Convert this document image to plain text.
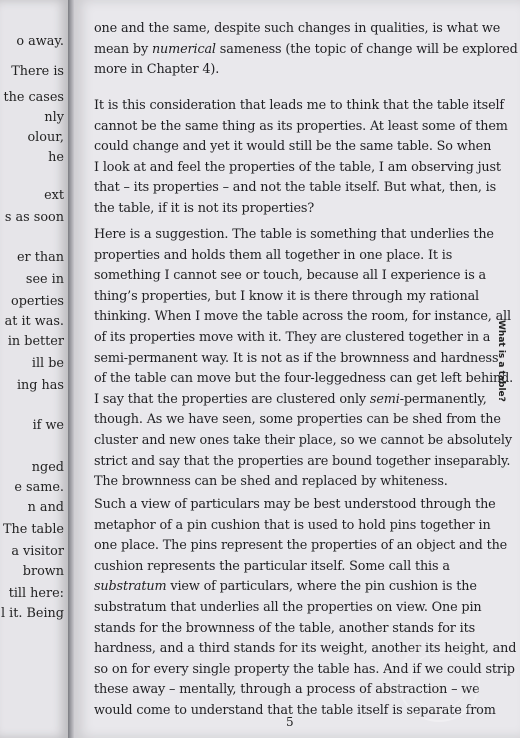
o away.
There is
the cases
nly
olour,
he
ext
s as soon
er than
see in
operties
at it was.
in better
ill be
ing has
if we
nged
e same.
n and
The table
a visitor
brown
till here:
l it. Being
one and the same, despite such changes in qualities, is what we
mean by numerical sameness (the topic of change will be explored
more in Chapter 4).
It is this consideration that leads me to think that the table itself
cannot be the same thing as its properties. At least some of them
could change and yet it would still be the same table. So when
I look at and feel the properties of the table, I am observing just
that – its properties – and not the table itself. But what, then, is
the table, if it is not its properties?
Here is a suggestion. The table is something that underlies the
properties and holds them all together in one place. It is
something I cannot see or touch, because all I experience is a
thing’s properties, but I know it is there through my rational
thinking. When I move the table across the room, for instance, all
of its properties move with it. They are clustered together in a
semi-permanent way. It is not as if the brownness and hardness
of the table can move but the four-leggedness can get left behind.
I say that the properties are clustered only semi-permanently,
though. As we have seen, some properties can be shed from the
cluster and new ones take their place, so we cannot be absolutely
strict and say that the properties are bound together inseparably.
The brownness can be shed and replaced by whiteness.
Such a view of particulars may be best understood through the
metaphor of a pin cushion that is used to hold pins together in
one place. The pins represent the properties of an object and the
cushion represents the particular itself. Some call this a
substratum view of particulars, where the pin cushion is the
substratum that underlies all the properties on view. One pin
stands for the brownness of the table, another stands for its
hardness, and a third stands for its weight, another its height, and
so on for every single property the table has. And if we could strip
these away – mentally, through a process of abstraction – we
would come to understand that the table itself is separate from
What is a table?
5
